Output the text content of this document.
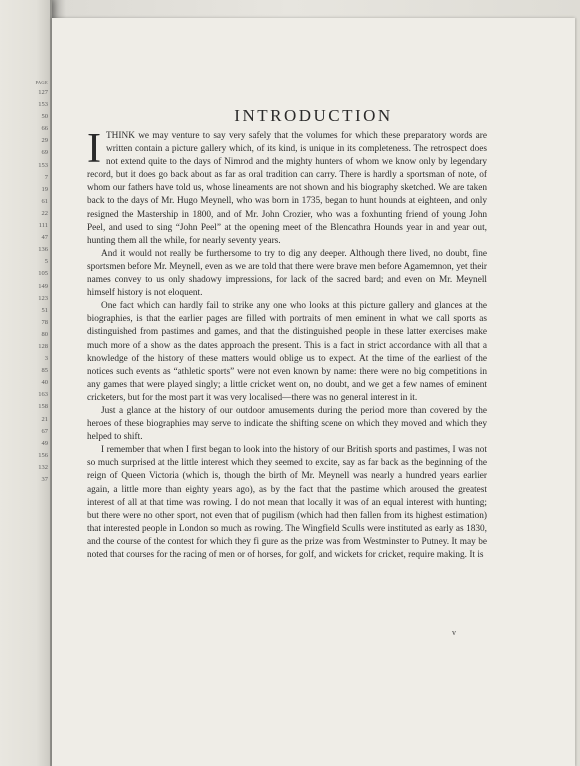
PAGE
127
153
50
66
29
69
153
7
19
61
22
111
47
136
5
105
149
123
51
78
80
128
3
85
40
163
158
21
67
49
156
132
37
INTRODUCTION

ITHINK we may venture to say very safely that the volumes for which these preparatory words are written contain a picture gallery which, of its kind, is unique in its completeness. The retrospect does not extend quite to the days of Nimrod and the mighty hunters of whom we know only by legendary record, but it does go back about as far as oral tradition can carry. There is hardly a sportsman of note, of whom our fathers have told us, whose lineaments are not shown and his biography sketched. We are taken back to the days of Mr. Hugo Meynell, who was born in 1735, began to hunt hounds at eighteen, and only resigned the Mastership in 1800, and of Mr. John Crozier, who was a foxhunting friend of young John Peel, and used to sing “John Peel” at the opening meet of the Blencathra Hounds year in and year out, hunting them all the while, for nearly seventy years.

And it would not really be furthersome to try to dig any deeper. Although there lived, no doubt, fine sportsmen before Mr. Meynell, even as we are told that there were brave men before Agamemnon, yet their names convey to us only shadowy impressions, for lack of the sacred bard; and even on Mr. Meynell himself history is not eloquent.

One fact which can hardly fail to strike any one who looks at this picture gallery and glances at the biographies, is that the earlier pages are filled with portraits of men eminent in what we call sports as distinguished from pastimes and games, and that the distinguished people in these latter exercises make much more of a show as the dates approach the present. This is a fact in strict accordance with all that a knowledge of the history of these matters would oblige us to expect. At the time of the earliest of the notices such events as “athletic sports” were not even known by name: there were no big competitions in any games that were played singly; a little cricket went on, no doubt, and we get a few names of eminent cricketers, but for the most part it was very localised—there was no general interest in it.

Just a glance at the history of our outdoor amusements during the period more than covered by the heroes of these biographies may serve to indicate the shifting scene on which they moved and which they helped to shift.

I remember that when I first began to look into the history of our British sports and pastimes, I was not so much surprised at the little interest which they seemed to excite, say as far back as the beginning of the reign of Queen Victoria (which is, though the birth of Mr. Meynell was nearly a hundred years earlier again, a little more than eighty years ago), as by the fact that the pastime which aroused the greatest interest of all at that time was rowing. I do not mean that locally it was of an equal interest with hunting; but there were no other sport, not even that of pugilism (which had then fallen from its highest estimation) that interested people in London so much as rowing. The Wingfield Sculls were instituted as early as 1830, and the course of the contest for which they fi gure as the prize was from Westminster to Putney. It may be noted that courses for the racing of men or of horses, for golf, and wickets for cricket, require making. It is

v
